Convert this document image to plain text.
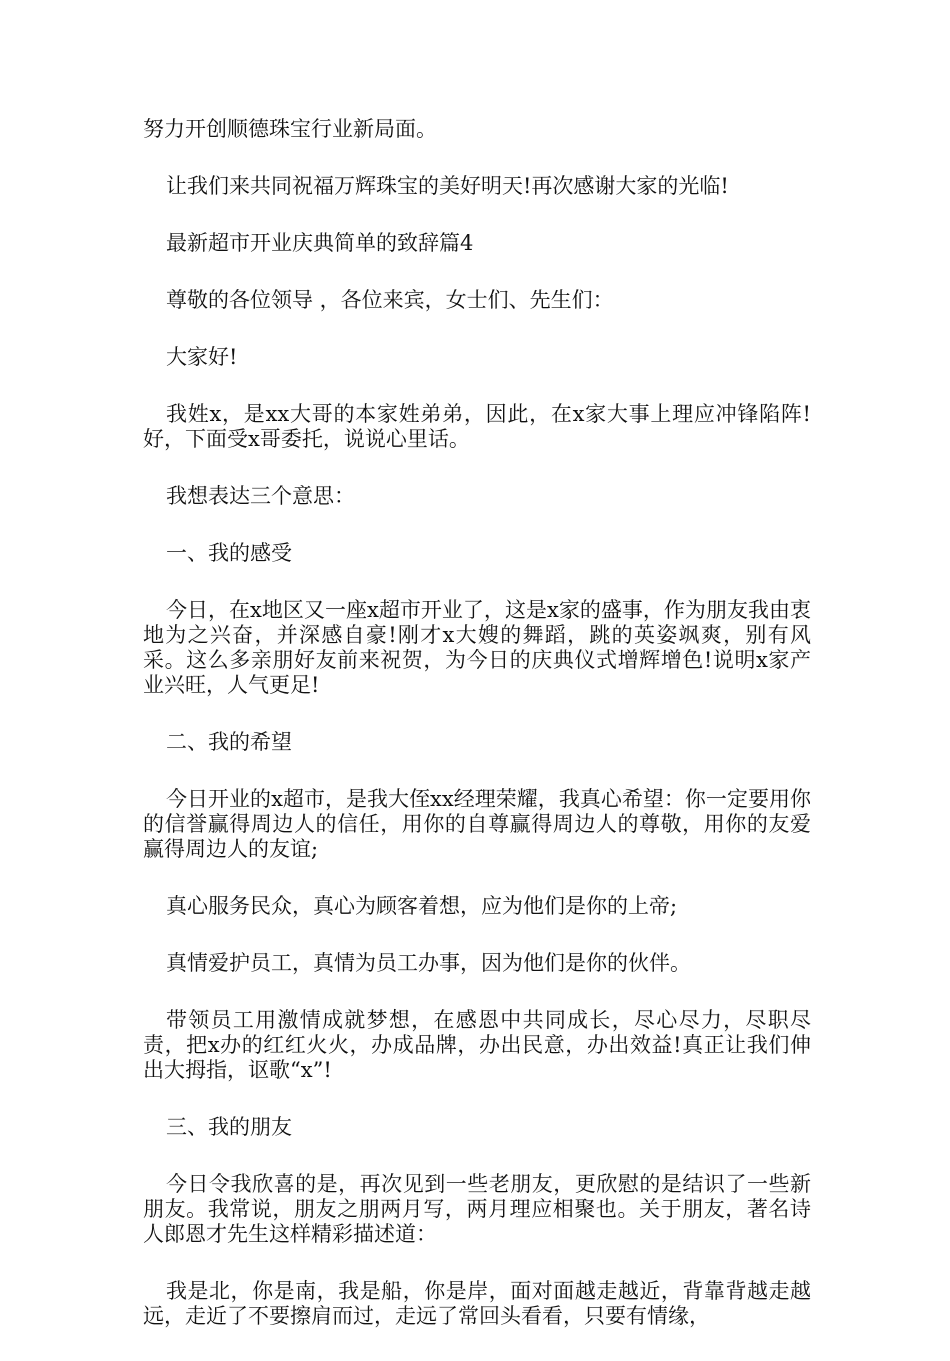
努力开创顺德珠宝行业新局面。

让我们来共同祝福万辉珠宝的美好明天!再次感谢大家的光临!

最新超市开业庆典简单的致辞篇4

尊敬的各位领导 ，各位来宾，女士们、先生们：

大家好!

我姓x，是xx大哥的本家姓弟弟，因此，在x家大事上理应冲锋陷阵!好，下面受x哥委托，说说心里话。

我想表达三个意思：

一、我的感受

今日，在x地区又一座x超市开业了，这是x家的盛事，作为朋友我由衷地为之兴奋，并深感自豪!刚才x大嫂的舞蹈，跳的英姿飒爽，别有风采。这么多亲朋好友前来祝贺，为今日的庆典仪式增辉增色!说明x家产业兴旺，人气更足!

二、我的希望

今日开业的x超市，是我大侄xx经理荣耀，我真心希望：你一定要用你的信誉赢得周边人的信任，用你的自尊赢得周边人的尊敬，用你的友爱赢得周边人的友谊;

真心服务民众，真心为顾客着想，应为他们是你的上帝;

真情爱护员工，真情为员工办事，因为他们是你的伙伴。

带领员工用激情成就梦想，在感恩中共同成长，尽心尽力，尽职尽责，把x办的红红火火，办成品牌，办出民意，办出效益!真正让我们伸出大拇指，讴歌“x”!

三、我的朋友

今日令我欣喜的是，再次见到一些老朋友，更欣慰的是结识了一些新朋友。我常说，朋友之朋两月写，两月理应相聚也。关于朋友，著名诗人郎恩才先生这样精彩描述道：

我是北，你是南，我是船，你是岸，面对面越走越近，背靠背越走越远，走近了不要擦肩而过，走远了常回头看看，只要有情缘，
